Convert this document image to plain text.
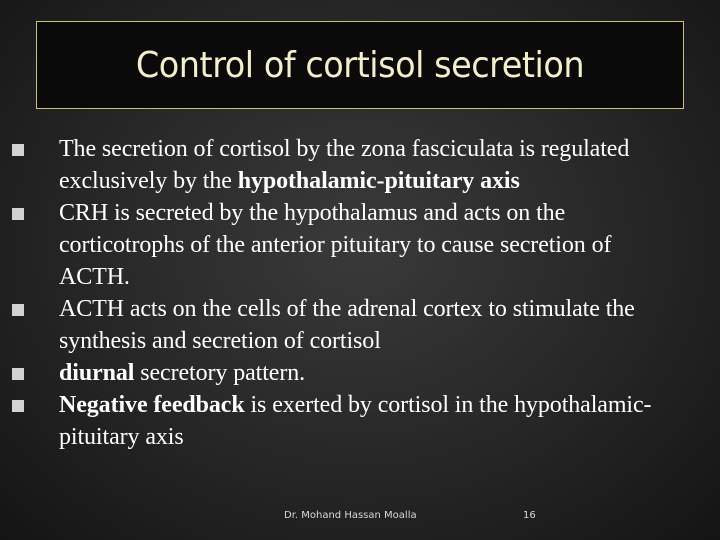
Control of cortisol secretion
The secretion of cortisol by the zona fasciculata is regulated exclusively by the hypothalamic-pituitary axis
CRH is secreted by the hypothalamus and acts on the corticotrophs of the anterior pituitary to cause secretion of ACTH.
ACTH acts on the cells of the adrenal cortex to stimulate the synthesis and secretion of cortisol
diurnal secretory pattern.
Negative feedback is exerted by cortisol in the hypothalamic-pituitary axis
Dr. Mohand Hassan Moalla	16
